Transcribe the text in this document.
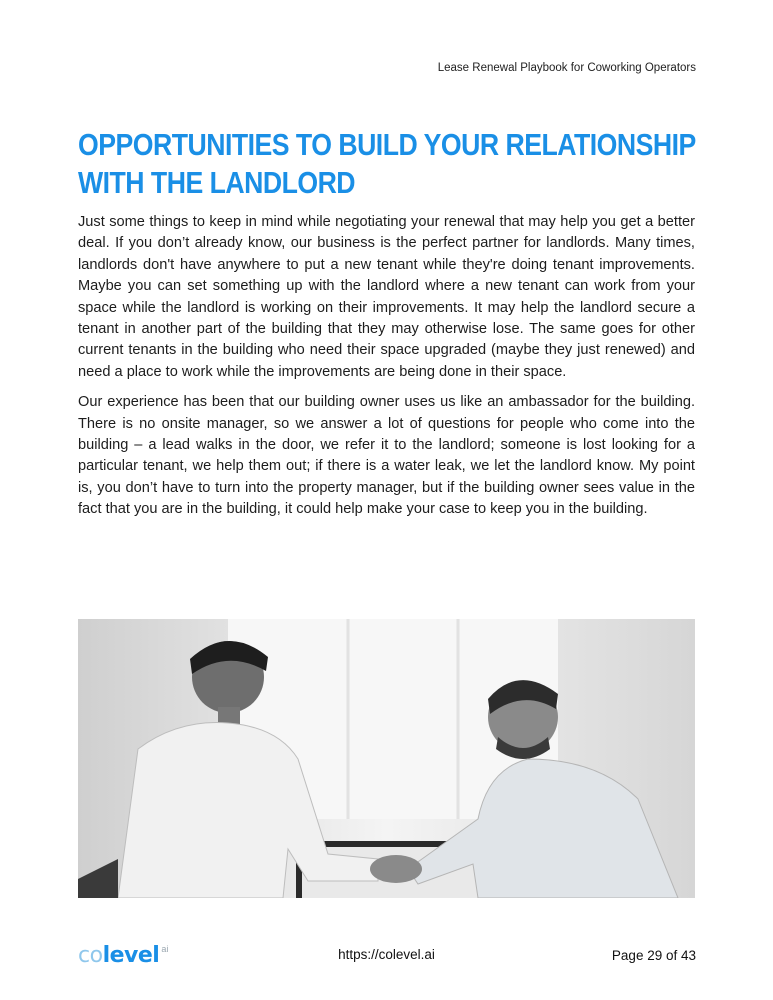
Lease Renewal Playbook for Coworking Operators
OPPORTUNITIES TO BUILD YOUR RELATIONSHIP
WITH THE LANDLORD

Just some things to keep in mind while negotiating your renewal that may help you get a better deal. If you don’t already know, our business is the perfect partner for landlords. Many times, landlords don't have anywhere to put a new tenant while they're doing tenant improvements. Maybe you can set something up with the landlord where a new tenant can work from your space while the landlord is working on their improvements. It may help the landlord secure a tenant in another part of the building that they may otherwise lose. The same goes for other current tenants in the building who need their space upgraded (maybe they just renewed) and need a place to work while the improvements are being done in their space.

Our experience has been that our building owner uses us like an ambassador for the building. There is no onsite manager, so we answer a lot of questions for people who come into the building – a lead walks in the door, we refer it to the landlord; someone is lost looking for a particular tenant, we help them out; if there is a water leak, we let the landlord know. My point is, you don’t have to turn into the property manager, but if the building owner sees value in the fact that you are in the building, it could help make your case to keep you in the building.

colevel ai	https://colevel.ai	Page 29 of 43
